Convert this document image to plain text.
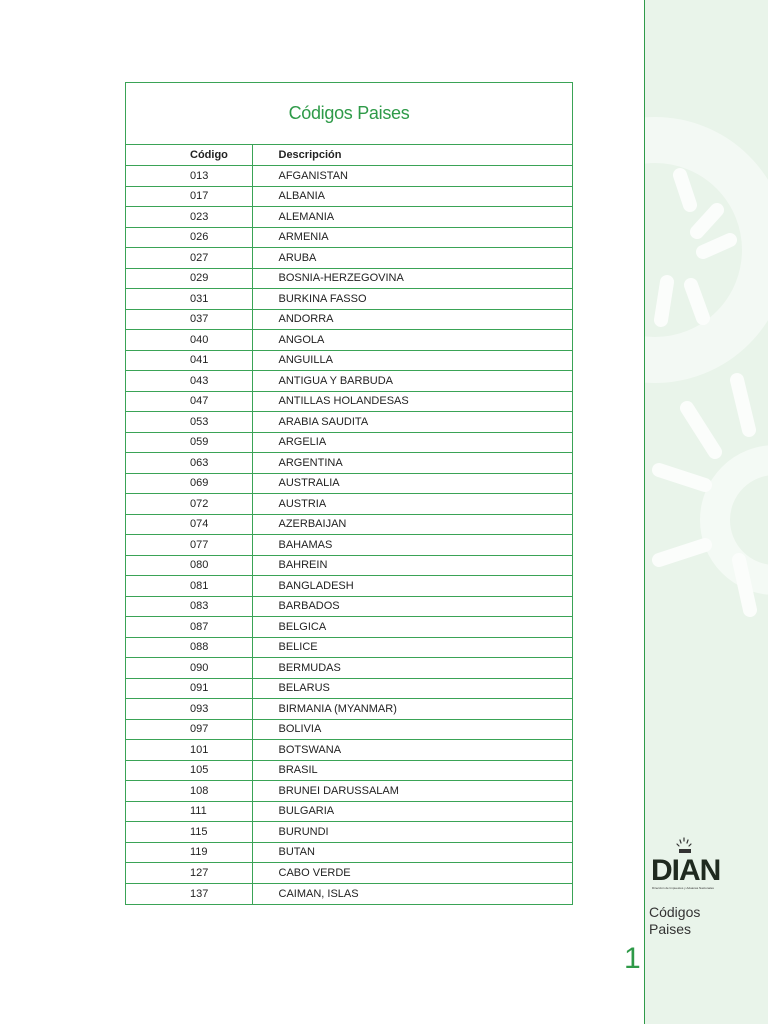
Códigos Paises
Código	Descripción
013	AFGANISTAN
017	ALBANIA
023	ALEMANIA
026	ARMENIA
027	ARUBA
029	BOSNIA-HERZEGOVINA
031	BURKINA FASSO
037	ANDORRA
040	ANGOLA
041	ANGUILLA
043	ANTIGUA Y BARBUDA
047	ANTILLAS HOLANDESAS
053	ARABIA SAUDITA
059	ARGELIA
063	ARGENTINA
069	AUSTRALIA
072	AUSTRIA
074	AZERBAIJAN
077	BAHAMAS
080	BAHREIN
081	BANGLADESH
083	BARBADOS
087	BELGICA
088	BELICE
090	BERMUDAS
091	BELARUS
093	BIRMANIA (MYANMAR)
097	BOLIVIA
101	BOTSWANA
105	BRASIL
108	BRUNEI DARUSSALAM
111	BULGARIA
115	BURUNDI
119	BUTAN
127	CABO VERDE
137	CAIMAN, ISLAS
DIAN
Dirección de Impuestos y Aduanas Nacionales
Códigos
Paises
1
